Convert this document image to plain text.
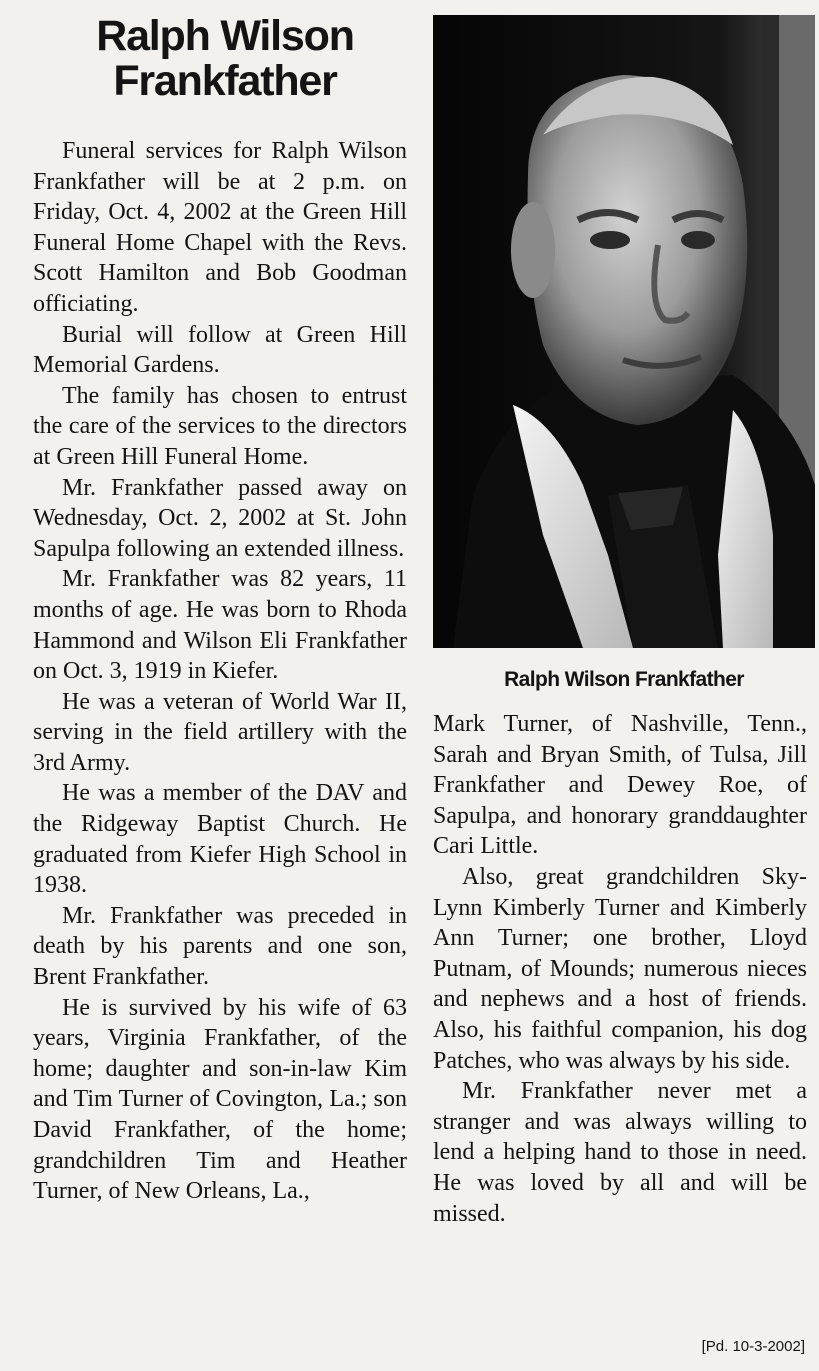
Ralph Wilson
Frankfather

Funeral services for Ralph Wilson Frankfather will be at 2 p.m. on Friday, Oct. 4, 2002 at the Green Hill Funeral Home Chapel with the Revs. Scott Hamilton and Bob Goodman officiating.

Burial will follow at Green Hill Memorial Gardens.

The family has chosen to entrust the care of the services to the directors at Green Hill Funeral Home.

Mr. Frankfather passed away on Wednesday, Oct. 2, 2002 at St. John Sapulpa following an extended illness.

Mr. Frankfather was 82 years, 11 months of age. He was born to Rhoda Hammond and Wilson Eli Frankfather on Oct. 3, 1919 in Kiefer.

He was a veteran of World War II, serving in the field artillery with the 3rd Army.

He was a member of the DAV and the Ridgeway Baptist Church. He graduated from Kiefer High School in 1938.

Mr. Frankfather was preceded in death by his parents and one son, Brent Frankfather.

He is survived by his wife of 63 years, Virginia Frankfather, of the home; daughter and son-in-law Kim and Tim Turner of Covington, La.; son David Frankfather, of the home; grandchildren Tim and Heather Turner, of New Orleans, La.,

Ralph Wilson Frankfather

Mark Turner, of Nashville, Tenn., Sarah and Bryan Smith, of Tulsa, Jill Frankfather and Dewey Roe, of Sapulpa, and honorary granddaughter Cari Little.

Also, great grandchildren Sky-Lynn Kimberly Turner and Kimberly Ann Turner; one brother, Lloyd Putnam, of Mounds; numerous nieces and nephews and a host of friends. Also, his faithful companion, his dog Patches, who was always by his side.

Mr. Frankfather never met a stranger and was always willing to lend a helping hand to those in need. He was loved by all and will be missed.

[Pd. 10-3-2002]
